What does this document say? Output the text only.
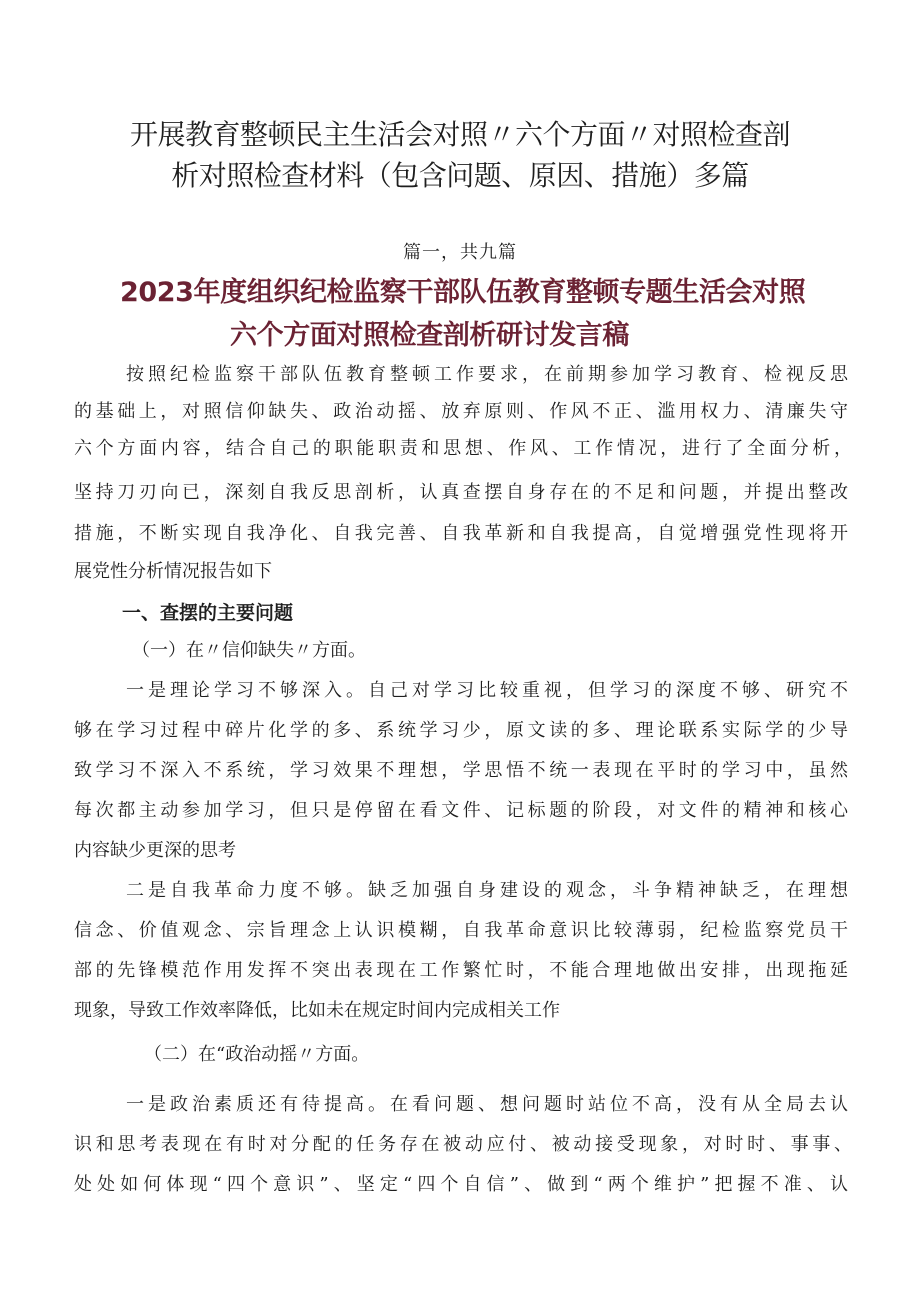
开展教育整顿民主生活会对照〃六个方面〃对照检查剖
析对照检查材料（包含问题、原因、措施）多篇

篇一，共九篇

2023年度组织纪检监察干部队伍教育整顿专题生活会对照
六个方面对照检查剖析研讨发言稿

按照纪检监察干部队伍教育整顿工作要求，在前期参加学习教育、检视反思

的基础上，对照信仰缺失、政治动摇、放弃原则、作风不正、滥用权力、清廉失守

六个方面内容，结合自己的职能职责和思想、作风、工作情况，进行了全面分析，

坚持刀刃向已，深刻自我反思剖析，认真查摆自身存在的不足和问题，并提出整改

措施，不断实现自我净化、自我完善、自我革新和自我提高，自觉增强党性现将开

展党性分析情况报告如下

一、查摆的主要问题

（一）在〃信仰缺失〃方面。

一是理论学习不够深入。自己对学习比较重视，但学习的深度不够、研究不

够在学习过程中碎片化学的多、系统学习少，原文读的多、理论联系实际学的少导

致学习不深入不系统，学习效果不理想，学思悟不统一表现在平时的学习中，虽然

每次都主动参加学习，但只是停留在看文件、记标题的阶段，对文件的精神和核心

内容缺少更深的思考

二是自我革命力度不够。缺乏加强自身建设的观念，斗争精神缺乏，在理想

信念、价值观念、宗旨理念上认识模糊，自我革命意识比较薄弱，纪检监察党员干

部的先锋模范作用发挥不突出表现在工作繁忙时，不能合理地做出安排，出现拖延

现象，导致工作效率降低，比如未在规定时间内完成相关工作

（二）在“政治动摇〃方面。

一是政治素质还有待提高。在看问题、想问题时站位不高，没有从全局去认

识和思考表现在有时对分配的任务存在被动应付、被动接受现象，对时时、事事、

处处如何体现“四个意识”、坚定“四个自信”、做到“两个维护”把握不准、认
